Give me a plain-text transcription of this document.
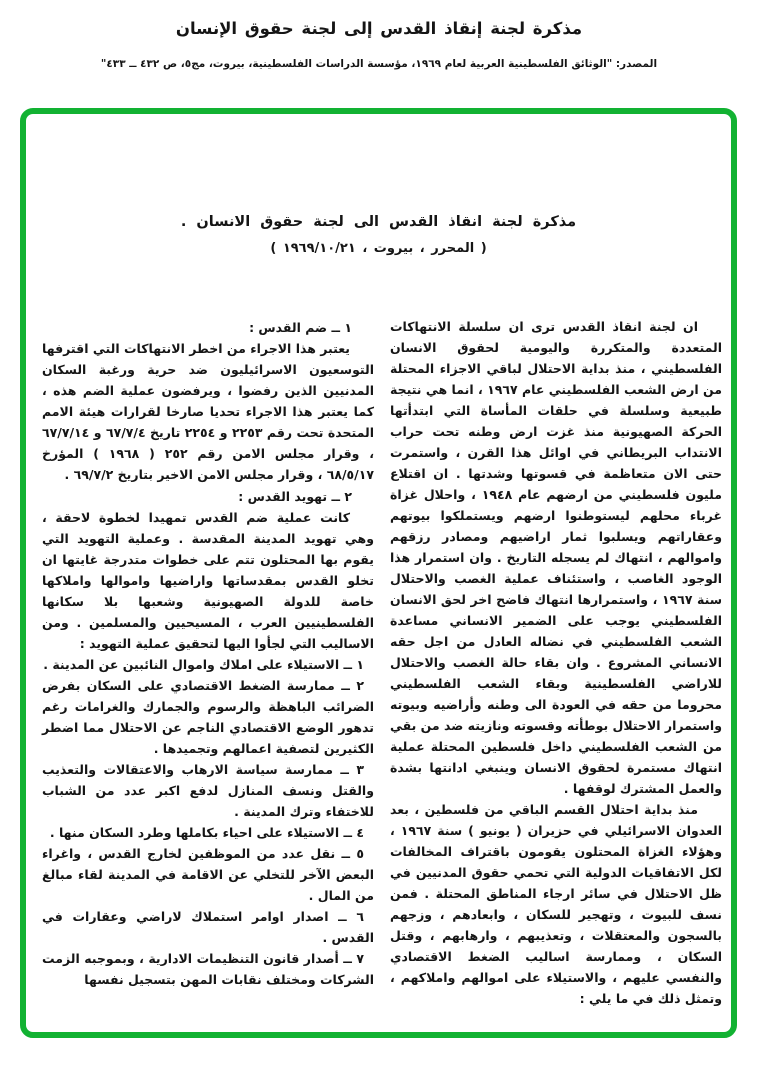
مذكرة لجنة إنقاذ القدس إلى لجنة حقوق الإنسان
المصدر: "الوثائق الفلسطينية العربية لعام ١٩٦٩، مؤسسة الدراسات الفلسطينية، بيروت، مج٥، ص ٤٣٢ ــ ٤٣٣"
مذكرة لجنة انقاذ القدس الى لجنة حقوق الانسان .
( المحرر ، بيروت ، ١٩٦٩/١٠/٢١ )

ان لجنة انقاذ القدس ترى ان سلسلة الانتهاكات المتعددة والمتكررة واليومية لحقوق الانسان الفلسطيني ، منذ بداية الاحتلال لباقي الاجزاء المحتلة من ارض الشعب الفلسطيني عام ١٩٦٧ ، انما هي نتيجة طبيعية وسلسلة في حلقات المأساة التي ابتدأتها الحركة الصهيونية منذ غزت ارض وطنه تحت حراب الانتداب البريطاني في اوائل هذا القرن ، واستمرت حتى الان متعاظمة في قسوتها وشدتها . ان اقتلاع مليون فلسطيني من ارضهم عام ١٩٤٨ ، واحلال غزاة غرباء محلهم ليستوطنوا ارضهم ويستملكوا بيوتهم وعقاراتهم ويسلبوا ثمار اراضيهم ومصادر رزقهم واموالهم ، انتهاك لم يسجله التاريخ . وان استمرار هذا الوجود الغاصب ، واستئناف عملية الغصب والاحتلال سنة ١٩٦٧ ، واستمرارها انتهاك فاضح اخر لحق الانسان الفلسطيني يوجب على الضمير الانساني مساعدة الشعب الفلسطيني في نضاله العادل من اجل حقه الانساني المشروع . وان بقاء حالة الغصب والاحتلال للاراضي الفلسطينية وبقاء الشعب الفلسطيني محروما من حقه في العودة الى وطنه وأراضيه وبيوته واستمرار الاحتلال بوطأته وقسوته ونازيته ضد من بقي من الشعب الفلسطيني داخل فلسطين المحتلة عملية انتهاك مستمرة لحقوق الانسان وينبغي ادانتها بشدة والعمل المشترك لوقفها .

منذ بداية احتلال القسم الباقي من فلسطين ، بعد العدوان الاسرائيلي في حزيران ( يونيو ) سنة ١٩٦٧ ، وهؤلاء الغزاة المحتلون يقومون باقتراف المخالفات لكل الاتفاقيات الدولية التي تحمي حقوق المدنيين في ظل الاحتلال في سائر ارجاء المناطق المحتلة . فمن نسف للبيوت ، وتهجير للسكان ، وابعادهم ، وزجهم بالسجون والمعتقلات ، وتعذيبهم ، وارهابهم ، وقتل السكان ، وممارسة اساليب الضغط الاقتصادي والنفسي عليهم ، والاستيلاء على اموالهم واملاكهم ، وتمثل ذلك في ما يلي :

١ ــ ضم القدس :

يعتبر هذا الاجراء من اخطر الانتهاكات التي اقترفها التوسعيون الاسرائيليون ضد حرية ورغبة السكان المدنيين الذين رفضوا ، ويرفضون عملية الضم هذه ، كما يعتبر هذا الاجراء تحديا صارخا لقرارات هيئة الامم المتحدة تحت رقم ٢٢٥٣ و ٢٢٥٤ تاريخ ٦٧/٧/٤ و ٦٧/٧/١٤ ، وقرار مجلس الامن رقم ٢٥٢ ( ١٩٦٨ ) المؤرخ ٦٨/٥/١٧ ، وقرار مجلس الامن الاخير بتاريخ ٦٩/٧/٢ .

٢ ــ تهويد القدس :

كانت عملية ضم القدس تمهيدا لخطوة لاحقة ، وهي تهويد المدينة المقدسة . وعملية التهويد التي يقوم بها المحتلون تتم على خطوات متدرجة غايتها ان تخلو القدس بمقدساتها واراضيها واموالها واملاكها خاصة للدولة الصهيونية وشعبها بلا سكانها الفلسطينيين العرب ، المسيحيين والمسلمين . ومن الاساليب التي لجأوا اليها لتحقيق عملية التهويد :

١ ــ الاستيلاء على املاك واموال النائبين عن المدينة .

٢ ــ ممارسة الضغط الاقتصادي على السكان بفرض الضرائب الباهظة والرسوم والجمارك والغرامات رغم تدهور الوضع الاقتصادي الناجم عن الاحتلال مما اضطر الكثيرين لتصفية اعمالهم وتجميدها .

٣ ــ ممارسة سياسة الارهاب والاعتقالات والتعذيب والقتل ونسف المنازل لدفع اكبر عدد من الشباب للاختفاء وترك المدينة .

٤ ــ الاستيلاء على احياء بكاملها وطرد السكان منها .

٥ ــ نقل عدد من الموظفين لخارج القدس ، واغراء البعض الآخر للتخلي عن الاقامة في المدينة لقاء مبالغ من المال .

٦ ــ اصدار اوامر استملاك لاراضي وعقارات في القدس .

٧ ــ أصدار قانون التنظيمات الادارية ، وبموجبه الزمت الشركات ومختلف نقابات المهن بتسجيل نفسها
